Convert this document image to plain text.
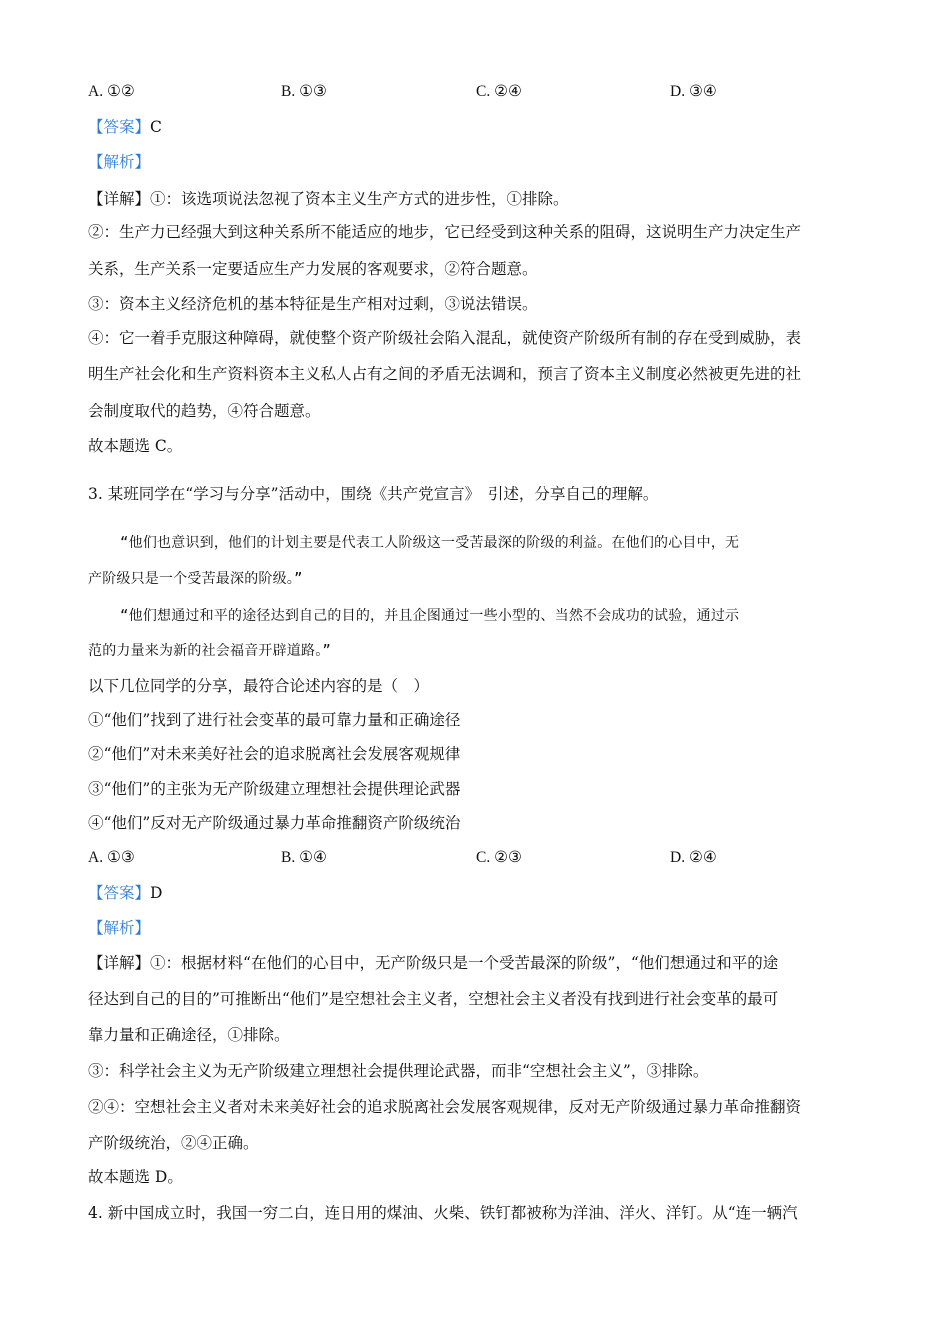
A. ①②	B. ①③	C. ②④	D. ③④
【答案】C
【解析】
【详解】①：该选项说法忽视了资本主义生产方式的进步性，①排除。
②：生产力已经强大到这种关系所不能适应的地步，它已经受到这种关系的阻碍，这说明生产力决定生产
关系，生产关系一定要适应生产力发展的客观要求，②符合题意。
③：资本主义经济危机的基本特征是生产相对过剩，③说法错误。
④：它一着手克服这种障碍，就使整个资产阶级社会陷入混乱，就使资产阶级所有制的存在受到威胁，表
明生产社会化和生产资料资本主义私人占有之间的矛盾无法调和，预言了资本主义制度必然被更先进的社
会制度取代的趋势，④符合题意。
故本题选 C。
3. 某班同学在“学习与分享”活动中，围绕《共产党宣言》　引述，分享自己的理解。
“他们也意识到，他们的计划主要是代表工人阶级这一受苦最深的阶级的利益。在他们的心目中，无
产阶级只是一个受苦最深的阶级。”
“他们想通过和平的途径达到自己的目的，并且企图通过一些小型的、当然不会成功的试验，通过示
范的力量来为新的社会福音开辟道路。”
以下几位同学的分享，最符合论述内容的是（　）
①“他们”找到了进行社会变革的最可靠力量和正确途径
②“他们”对未来美好社会的追求脱离社会发展客观规律
③“他们”的主张为无产阶级建立理想社会提供理论武器
④“他们”反对无产阶级通过暴力革命推翻资产阶级统治
A. ①③	B. ①④	C. ②③	D. ②④
【答案】D
【解析】
【详解】①：根据材料“在他们的心目中，无产阶级只是一个受苦最深的阶级”，“他们想通过和平的途
径达到自己的目的”可推断出“他们”是空想社会主义者，空想社会主义者没有找到进行社会变革的最可
靠力量和正确途径，①排除。
③：科学社会主义为无产阶级建立理想社会提供理论武器，而非“空想社会主义”，③排除。
②④：空想社会主义者对未来美好社会的追求脱离社会发展客观规律，反对无产阶级通过暴力革命推翻资
产阶级统治，②④正确。
故本题选 D。
4. 新中国成立时，我国一穷二白，连日用的煤油、火柴、铁钉都被称为洋油、洋火、洋钉。从“连一辆汽
